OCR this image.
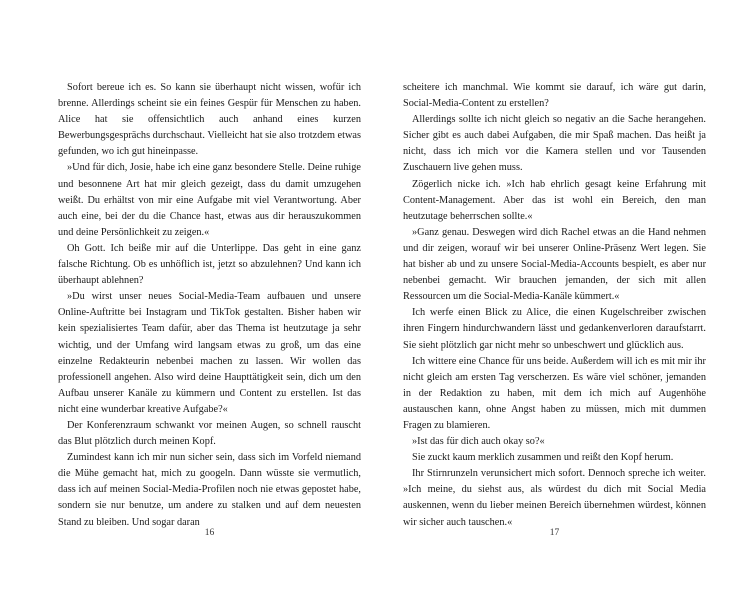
Sofort bereue ich es. So kann sie überhaupt nicht wissen, wofür ich brenne. Allerdings scheint sie ein feines Gespür für Menschen zu haben. Alice hat sie offensichtlich auch anhand eines kurzen Bewerbungsgesprächs durchschaut. Vielleicht hat sie also trotzdem etwas gefunden, wo ich gut hineinpasse.

»Und für dich, Josie, habe ich eine ganz besondere Stelle. Deine ruhige und besonnene Art hat mir gleich gezeigt, dass du damit umzugehen weißt. Du erhältst von mir eine Aufgabe mit viel Verantwortung. Aber auch eine, bei der du die Chance hast, etwas aus dir herauszukommen und deine Persönlichkeit zu zeigen.«

Oh Gott. Ich beiße mir auf die Unterlippe. Das geht in eine ganz falsche Richtung. Ob es unhöflich ist, jetzt so abzulehnen? Und kann ich überhaupt ablehnen?

»Du wirst unser neues Social-Media-Team aufbauen und unsere Online-Auftritte bei Instagram und TikTok gestalten. Bisher haben wir kein spezialisiertes Team dafür, aber das Thema ist heutzutage ja sehr wichtig, und der Umfang wird langsam etwas zu groß, um das eine einzelne Redakteurin nebenbei machen zu lassen. Wir wollen das professionell angehen. Also wird deine Haupttätigkeit sein, dich um den Aufbau unserer Kanäle zu kümmern und Content zu erstellen. Ist das nicht eine wunderbar kreative Aufgabe?«

Der Konferenzraum schwankt vor meinen Augen, so schnell rauscht das Blut plötzlich durch meinen Kopf.

Zumindest kann ich mir nun sicher sein, dass sich im Vorfeld niemand die Mühe gemacht hat, mich zu googeln. Dann wüsste sie vermutlich, dass ich auf meinen Social-Media-Profilen noch nie etwas gepostet habe, sondern sie nur benutze, um andere zu stalken und auf dem neuesten Stand zu bleiben. Und sogar daran

16

scheitere ich manchmal. Wie kommt sie darauf, ich wäre gut darin, Social-Media-Content zu erstellen?

Allerdings sollte ich nicht gleich so negativ an die Sache herangehen. Sicher gibt es auch dabei Aufgaben, die mir Spaß machen. Das heißt ja nicht, dass ich mich vor die Kamera stellen und vor Tausenden Zuschauern live gehen muss.

Zögerlich nicke ich. »Ich hab ehrlich gesagt keine Erfahrung mit Content-Management. Aber das ist wohl ein Bereich, den man heutzutage beherrschen sollte.«

»Ganz genau. Deswegen wird dich Rachel etwas an die Hand nehmen und dir zeigen, worauf wir bei unserer Online-Präsenz Wert legen. Sie hat bisher ab und zu unsere Social-Media-Accounts bespielt, es aber nur nebenbei gemacht. Wir brauchen jemanden, der sich mit allen Ressourcen um die Social-Media-Kanäle kümmert.«

Ich werfe einen Blick zu Alice, die einen Kugelschreiber zwischen ihren Fingern hindurchwandern lässt und gedankenverloren daraufstarrt. Sie sieht plötzlich gar nicht mehr so unbeschwert und glücklich aus.

Ich wittere eine Chance für uns beide. Außerdem will ich es mit mir ihr nicht gleich am ersten Tag verscherzen. Es wäre viel schöner, jemanden in der Redaktion zu haben, mit dem ich mich auf Augenhöhe austauschen kann, ohne Angst haben zu müssen, mich mit dummen Fragen zu blamieren.

»Ist das für dich auch okay so?«

Sie zuckt kaum merklich zusammen und reißt den Kopf herum.

Ihr Stirnrunzeln verunsichert mich sofort. Dennoch spreche ich weiter. »Ich meine, du siehst aus, als würdest du dich mit Social Media auskennen, wenn du lieber meinen Bereich übernehmen würdest, können wir sicher auch tauschen.«

17
